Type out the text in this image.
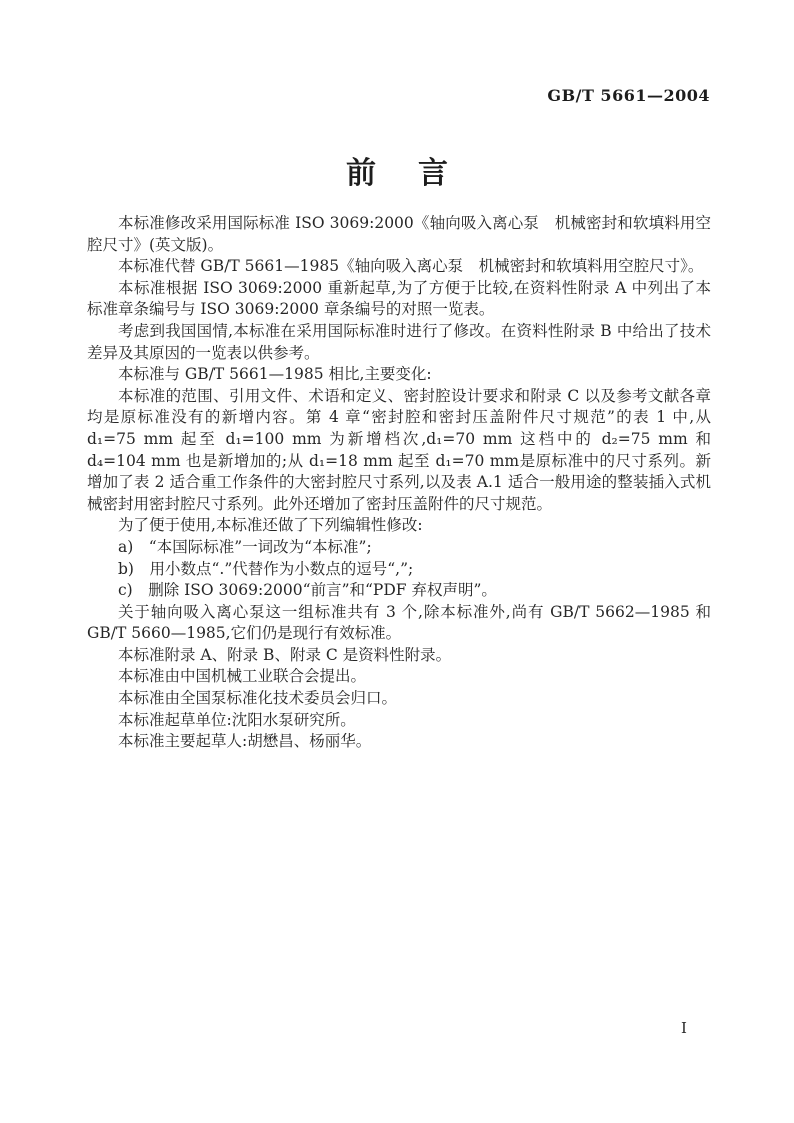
GB/T 5661—2004
前言

本标准修改采用国际标准 ISO 3069:2000《轴向吸入离心泵　机械密封和软填料用空腔尺寸》(英文版)。

本标准代替 GB/T 5661—1985《轴向吸入离心泵　机械密封和软填料用空腔尺寸》。

本标准根据 ISO 3069:2000 重新起草,为了方便于比较,在资料性附录 A 中列出了本标准章条编号与 ISO 3069:2000 章条编号的对照一览表。

考虑到我国国情,本标准在采用国际标准时进行了修改。在资料性附录 B 中给出了技术差异及其原因的一览表以供参考。

本标准与 GB/T 5661—1985 相比,主要变化:

本标准的范围、引用文件、术语和定义、密封腔设计要求和附录 C 以及参考文献各章均是原标准没有的新增内容。第 4 章“密封腔和密封压盖附件尺寸规范”的表 1 中,从 d₁=75 mm 起至 d₁=100 mm 为新增档次,d₁=70 mm 这档中的 d₂=75 mm 和 d₄=104 mm 也是新增加的;从 d₁=18 mm 起至 d₁=70 mm是原标准中的尺寸系列。新增加了表 2 适合重工作条件的大密封腔尺寸系列,以及表 A.1 适合一般用途的整装插入式机械密封用密封腔尺寸系列。此外还增加了密封压盖附件的尺寸规范。

为了便于使用,本标准还做了下列编辑性修改:

a)　“本国际标准”一词改为“本标准”;

b)　用小数点“.”代替作为小数点的逗号“,”;

c)　删除 ISO 3069:2000“前言”和“PDF 弃权声明”。

关于轴向吸入离心泵这一组标准共有 3 个,除本标准外,尚有 GB/T 5662—1985 和 GB/T 5660—1985,它们仍是现行有效标准。

本标准附录 A、附录 B、附录 C 是资料性附录。

本标准由中国机械工业联合会提出。

本标准由全国泵标准化技术委员会归口。

本标准起草单位:沈阳水泵研究所。

本标准主要起草人:胡懋昌、杨丽华。

I
